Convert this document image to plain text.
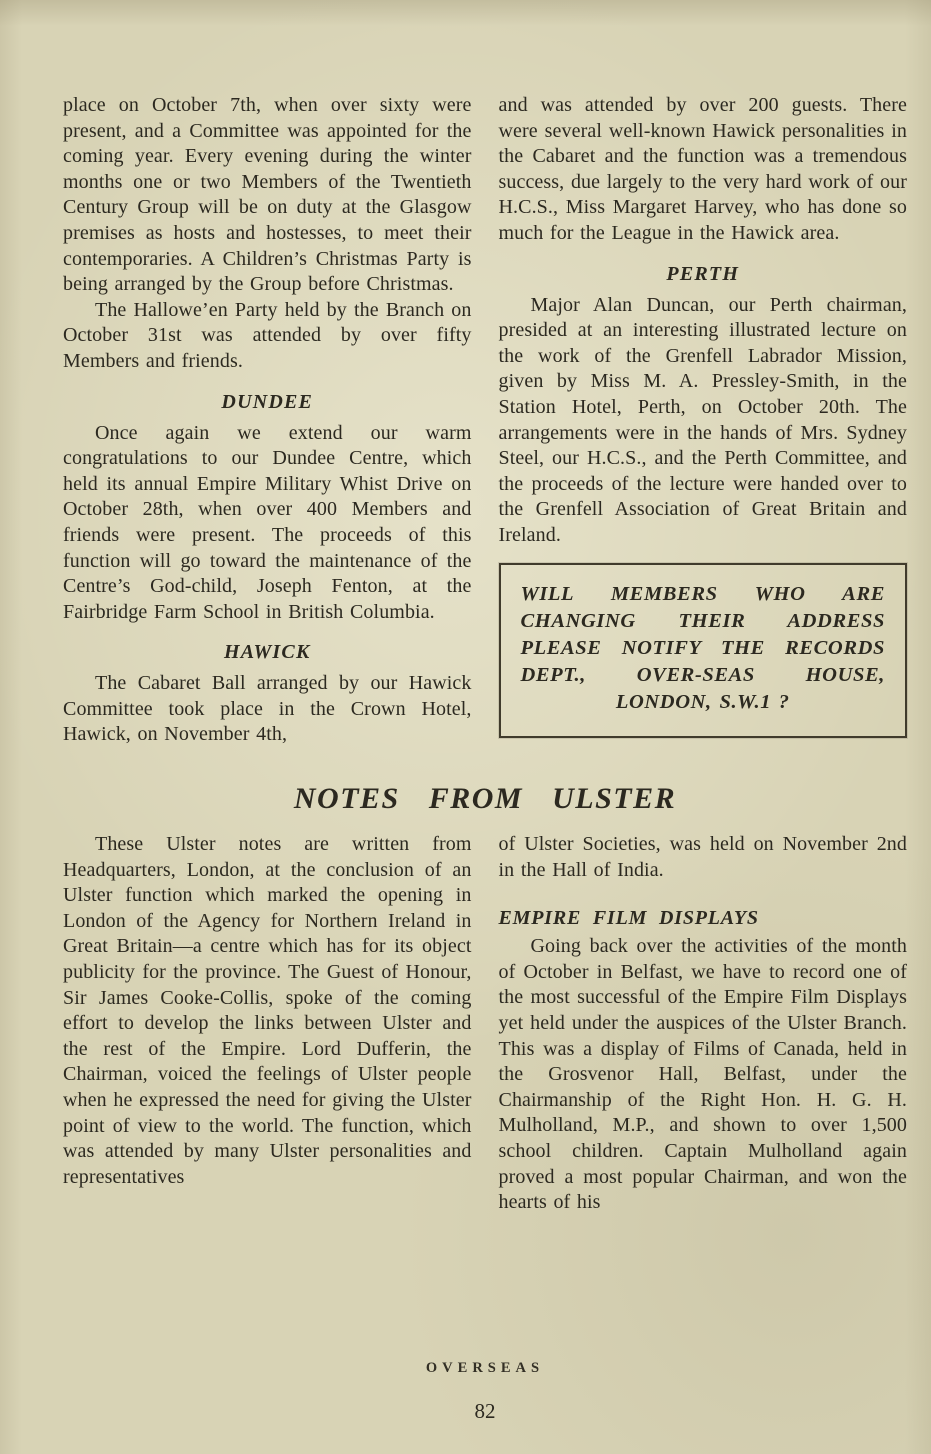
place on October 7th, when over sixty were present, and a Committee was appointed for the coming year. Every evening during the winter months one or two Members of the Twentieth Century Group will be on duty at the Glasgow premises as hosts and hostesses, to meet their contemporaries. A Children’s Christmas Party is being arranged by the Group before Christmas.

The Hallowe’en Party held by the Branch on October 31st was attended by over fifty Members and friends.

DUNDEE

Once again we extend our warm congratulations to our Dundee Centre, which held its annual Empire Military Whist Drive on October 28th, when over 400 Members and friends were present. The proceeds of this function will go toward the maintenance of the Centre’s God-child, Joseph Fenton, at the Fairbridge Farm School in British Columbia.

HAWICK

The Cabaret Ball arranged by our Hawick Committee took place in the Crown Hotel, Hawick, on November 4th,

and was attended by over 200 guests. There were several well-known Hawick personalities in the Cabaret and the function was a tremendous success, due largely to the very hard work of our H.C.S., Miss Margaret Harvey, who has done so much for the League in the Hawick area.

PERTH

Major Alan Duncan, our Perth chairman, presided at an interesting illustrated lecture on the work of the Grenfell Labrador Mission, given by Miss M. A. Pressley-Smith, in the Station Hotel, Perth, on October 20th. The arrangements were in the hands of Mrs. Sydney Steel, our H.C.S., and the Perth Committee, and the proceeds of the lecture were handed over to the Grenfell Association of Great Britain and Ireland.

WILL MEMBERS WHO ARE CHANGING THEIR ADDRESS PLEASE NOTIFY THE RECORDS DEPT., OVER-SEAS HOUSE, LONDON, S.W.1 ?

NOTES FROM ULSTER

These Ulster notes are written from Headquarters, London, at the conclusion of an Ulster function which marked the opening in London of the Agency for Northern Ireland in Great Britain—a centre which has for its object publicity for the province. The Guest of Honour, Sir James Cooke-Collis, spoke of the coming effort to develop the links between Ulster and the rest of the Empire. Lord Dufferin, the Chairman, voiced the feelings of Ulster people when he expressed the need for giving the Ulster point of view to the world. The function, which was attended by many Ulster personalities and representatives

of Ulster Societies, was held on November 2nd in the Hall of India.

EMPIRE FILM DISPLAYS

Going back over the activities of the month of October in Belfast, we have to record one of the most successful of the Empire Film Displays yet held under the auspices of the Ulster Branch. This was a display of Films of Canada, held in the Grosvenor Hall, Belfast, under the Chairmanship of the Right Hon. H. G. H. Mulholland, M.P., and shown to over 1,500 school children. Captain Mulholland again proved a most popular Chairman, and won the hearts of his

OVERSEAS
82
